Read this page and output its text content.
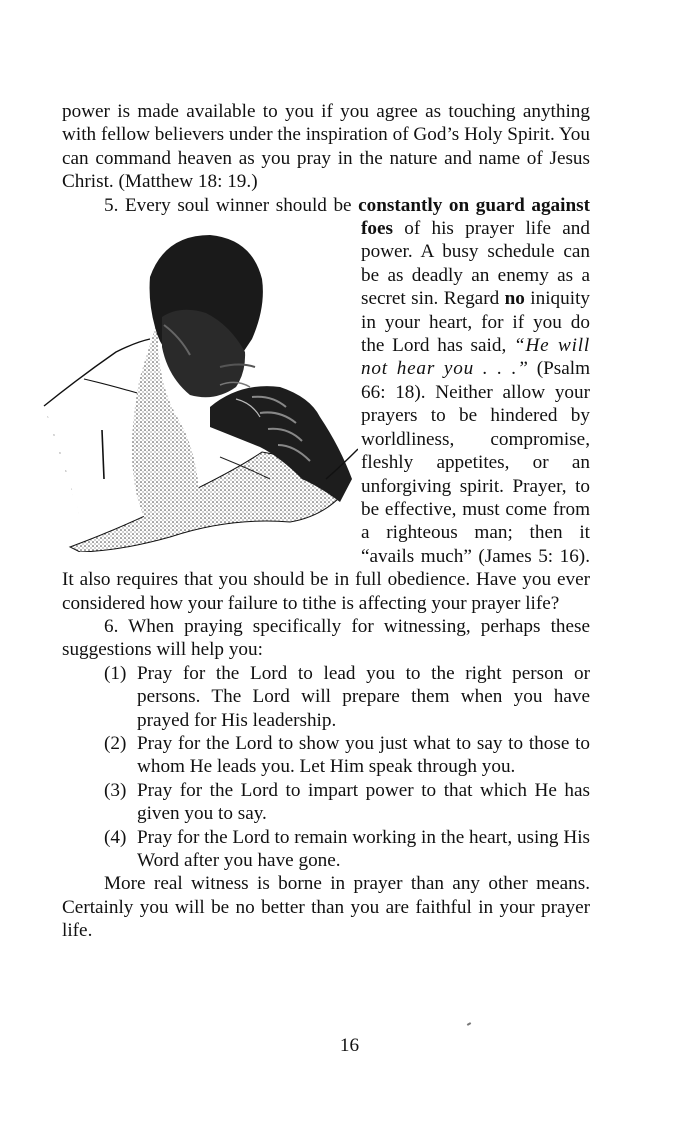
power is made available to you if you agree as touching anything with fellow believers under the inspiration of God’s Holy Spirit. You can command heaven as you pray in the nature and name of Jesus Christ. (Matthew 18: 19.)

5. Every soul winner should be
constantly on guard against foes of his prayer life and power. A busy schedule can be as deadly an enemy as a secret sin. Regard no iniquity in your heart, for if you do the Lord has said, “He will not hear you . . .” (Psalm 66: 18). Neither allow your prayers to be hindered by worldliness, compromise, fleshly appetites, or an unforgiving spirit. Prayer, to be effective, must come from a righteous man; then it “avails much” (James 5: 16). It also requires that you should be in full obedience. Have you ever considered how your failure to tithe is affecting your prayer life?

6. When praying specifically for witnessing, perhaps these suggestions will help you:

(1) Pray for the Lord to lead you to the right person or persons. The Lord will prepare them when you have prayed for His leadership.
(2) Pray for the Lord to show you just what to say to those to whom He leads you. Let Him speak through you.
(3) Pray for the Lord to impart power to that which He has given you to say.
(4) Pray for the Lord to remain working in the heart, using His Word after you have gone.

More real witness is borne in prayer than any other means. Certainly you will be no better than you are faithful in your prayer life.

16
